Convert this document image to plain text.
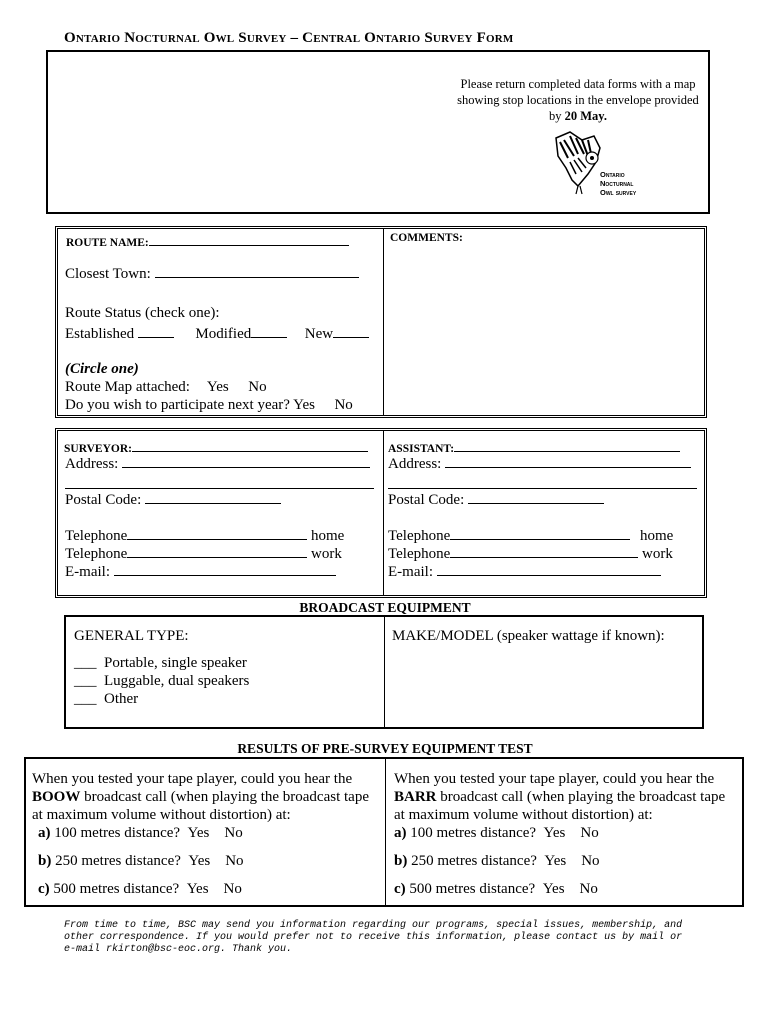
Ontario Nocturnal Owl Survey – Central Ontario Survey Form
Please return completed data forms with a map
showing stop locations in the envelope provided
by 20 May.
Ontario
Nocturnal
Owl survey
ROUTE NAME:	COMMENTS:
Closest Town:
Route Status (check one):
Established	Modified	New
(Circle one)
Route Map attached: Yes No
Do you wish to participate next year? Yes No
SURVEYOR:
Address:
Postal Code:
Telephone	home
Telephone	work
E-mail:
ASSISTANT:
Address:
Postal Code:
Telephone	home
Telephone	work
E-mail:
BROADCAST EQUIPMENT
GENERAL TYPE:	MAKE/MODEL (speaker wattage if known):
___ Portable, single speaker
___ Luggable, dual speakers
___ Other
RESULTS OF PRE-SURVEY EQUIPMENT TEST
When you tested your tape player, could you hear the
BOOW broadcast call (when playing the broadcast tape
at maximum volume without distortion) at:
a) 100 metres distance? Yes No
b) 250 metres distance? Yes No
c) 500 metres distance? Yes No
When you tested your tape player, could you hear the
BARR broadcast call (when playing the broadcast tape
at maximum volume without distortion) at:
a) 100 metres distance? Yes No
b) 250 metres distance? Yes No
c) 500 metres distance? Yes No
From time to time, BSC may send you information regarding our programs, special issues, membership, and
other correspondence. If you would prefer not to receive this information, please contact us by mail or
e-mail rkirton@bsc-eoc.org. Thank you.
